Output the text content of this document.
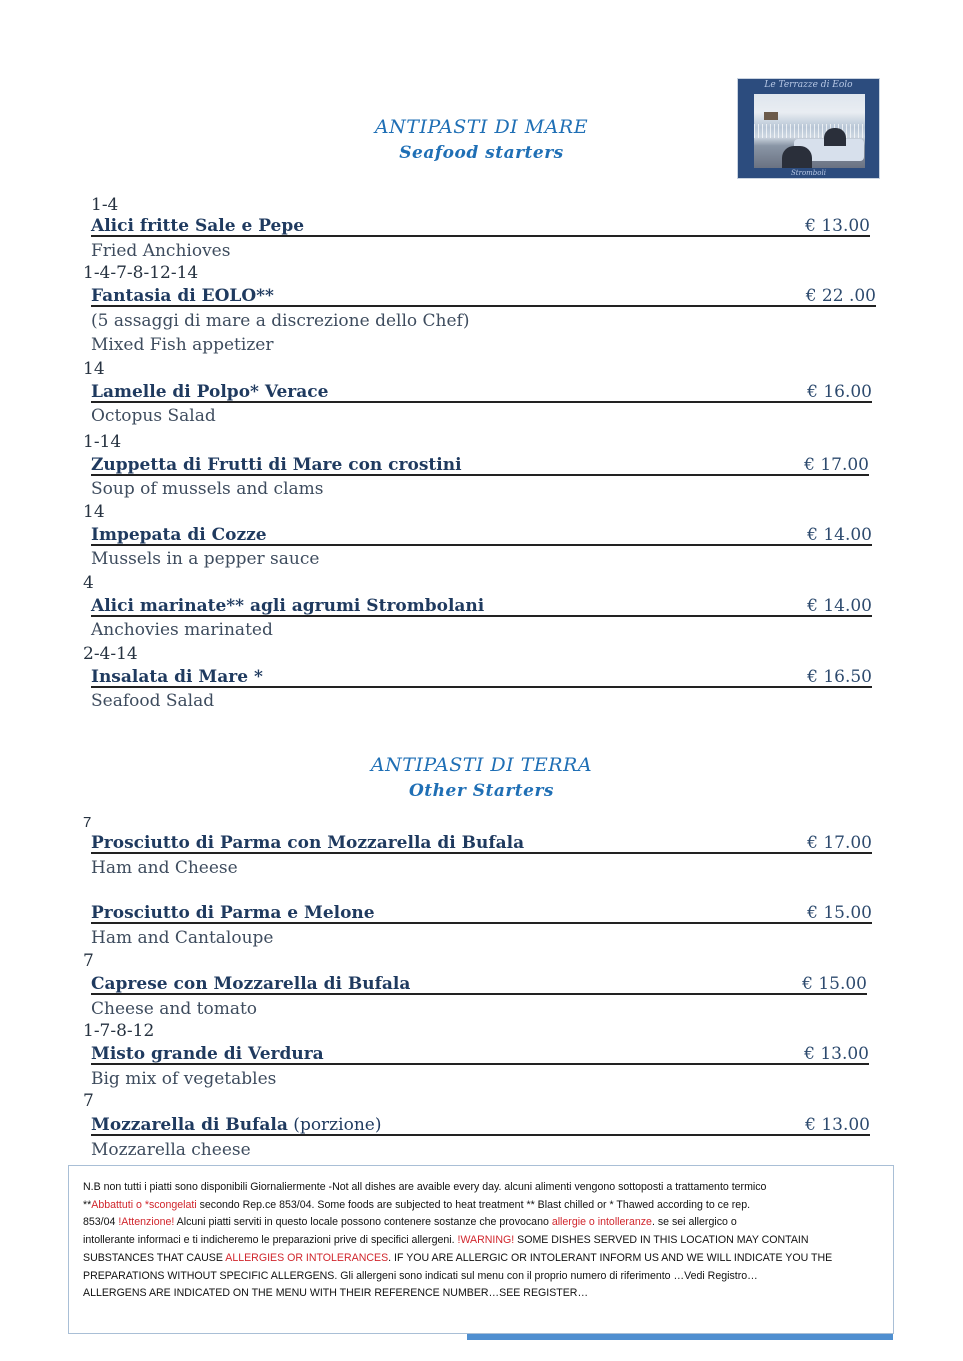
ANTIPASTI DI MARE
Seafood starters
Le Terrazze di Eolo
Stromboli
1-4
Alici fritte Sale e Pepe	€ 13.00
Fried Anchioves
1-4-7-8-12-14
Fantasia di EOLO**	€ 22 .00
(5 assaggi di mare a discrezione dello Chef)
Mixed Fish appetizer
14
Lamelle di Polpo* Verace	€ 16.00
Octopus Salad
1-14
Zuppetta di Frutti di Mare con crostini	€ 17.00
Soup of mussels and clams
14
Impepata di Cozze	€ 14.00
Mussels in a pepper sauce
4
Alici marinate** agli agrumi Strombolani	€ 14.00
Anchovies marinated
2-4-14
Insalata di Mare *	€ 16.50
Seafood Salad
ANTIPASTI DI TERRA
Other Starters
7
Prosciutto di Parma con Mozzarella di Bufala	€ 17.00
Ham and Cheese
Prosciutto di Parma e Melone	€ 15.00
Ham and Cantaloupe
7
Caprese con Mozzarella di Bufala	€ 15.00
Cheese and tomato
1-7-8-12
Misto grande di Verdura	€ 13.00
Big mix of vegetables
7
Mozzarella di Bufala (porzione)	€ 13.00
Mozzarella cheese
N.B non tutti i piatti sono disponibili Giornaliermente -Not all dishes are avaible every day. alcuni alimenti vengono sottoposti a trattamento termico
**Abbattuti o *scongelati secondo Rep.ce 853/04. Some foods are subjected to heat treatment ** Blast chilled or * Thawed according to ce rep.
853/04 !Attenzione! Alcuni piatti serviti in questo locale possono contenere sostanze che provocano allergie o intolleranze. se sei allergico o
intollerante informaci e ti indicheremo le preparazioni prive di specifici allergeni. !WARNING! SOME DISHES SERVED IN THIS LOCATION MAY CONTAIN
SUBSTANCES THAT CAUSE ALLERGIES OR INTOLERANCES. IF YOU ARE ALLERGIC OR INTOLERANT INFORM US AND WE WILL INDICATE YOU THE
PREPARATIONS WITHOUT SPECIFIC ALLERGENS. Gli allergeni sono indicati sul menu con il proprio numero di riferimento …Vedi Registro…
ALLERGENS ARE INDICATED ON THE MENU WITH THEIR REFERENCE NUMBER…SEE REGISTER…
